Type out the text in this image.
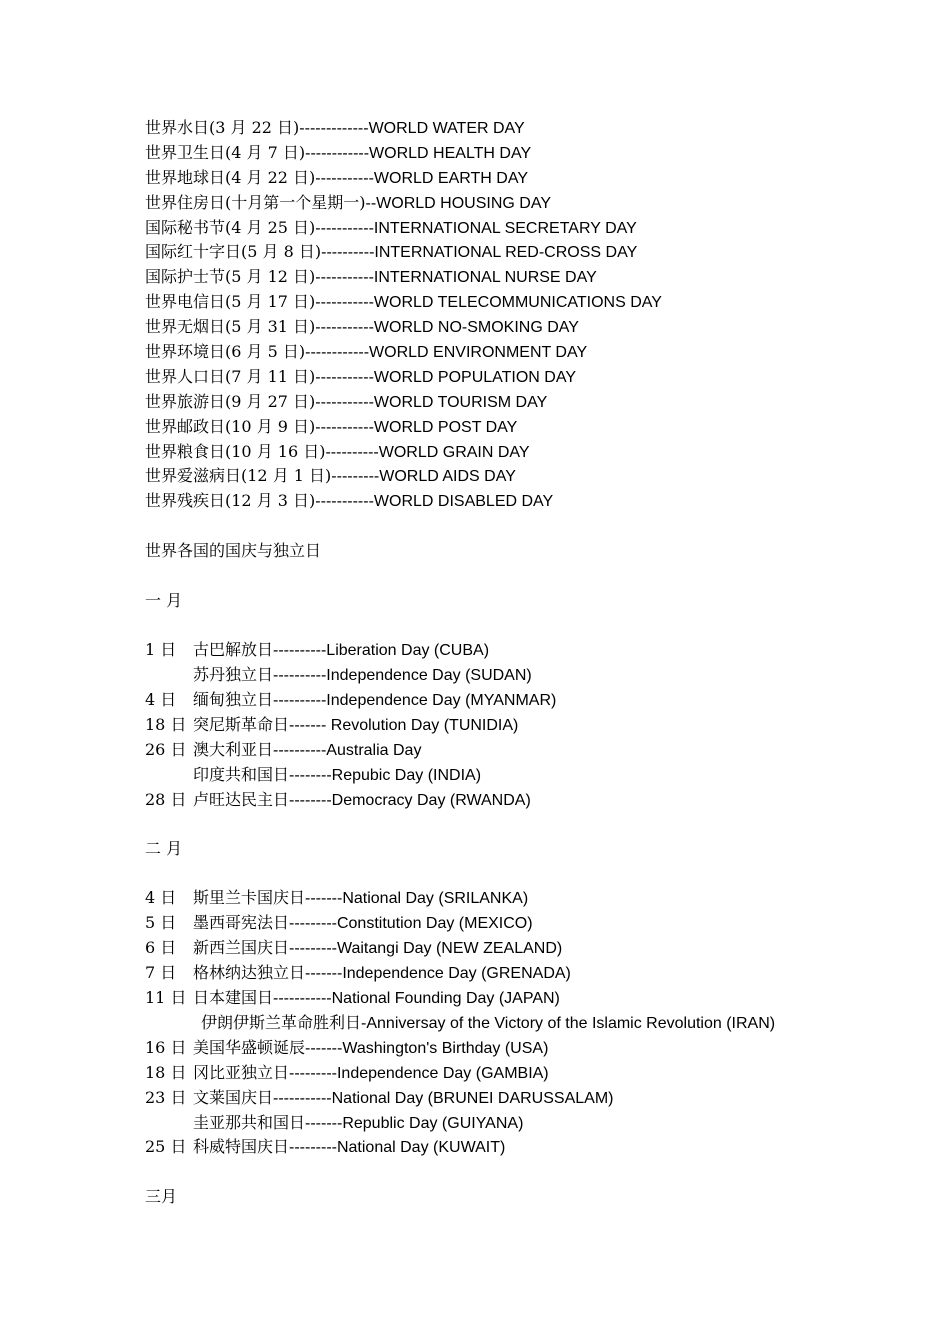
世界水日(3 月 22 日)-------------WORLD WATER DAY
世界卫生日(4 月 7 日)------------WORLD HEALTH DAY
世界地球日(4 月 22 日)-----------WORLD EARTH DAY
世界住房日(十月第一个星期一)--WORLD HOUSING DAY
国际秘书节(4 月 25 日)-----------INTERNATIONAL SECRETARY DAY
国际红十字日(5 月 8 日)----------INTERNATIONAL RED-CROSS DAY
国际护士节(5 月 12 日)-----------INTERNATIONAL NURSE DAY
世界电信日(5 月 17 日)-----------WORLD TELECOMMUNICATIONS DAY
世界无烟日(5 月 31 日)-----------WORLD NO-SMOKING DAY
世界环境日(6 月 5 日)------------WORLD ENVIRONMENT DAY
世界人口日(7 月 11 日)-----------WORLD POPULATION DAY
世界旅游日(9 月 27 日)-----------WORLD TOURISM DAY
世界邮政日(10 月 9 日)-----------WORLD POST DAY
世界粮食日(10 月 16 日)----------WORLD GRAIN DAY
世界爱滋病日(12 月 1 日)---------WORLD AIDS DAY
世界残疾日(12 月 3 日)-----------WORLD DISABLED DAY
世界各国的国庆与独立日
一 月
1 日 古巴解放日----------Liberation Day (CUBA)
苏丹独立日----------Independence Day (SUDAN)
4 日 缅甸独立日----------Independence Day (MYANMAR)
18 日 突尼斯革命日------- Revolution Day (TUNIDIA)
26 日 澳大利亚日----------Australia Day
印度共和国日--------Repubic Day (INDIA)
28 日 卢旺达民主日--------Democracy Day (RWANDA)
二 月
4 日 斯里兰卡国庆日-------National Day (SRILANKA)
5 日 墨西哥宪法日---------Constitution Day (MEXICO)
6 日 新西兰国庆日---------Waitangi Day (NEW ZEALAND)
7 日 格林纳达独立日-------Independence Day (GRENADA)
11 日 日本建国日-----------National Founding Day (JAPAN)
伊朗伊斯兰革命胜利日-Anniversay of the Victory of the Islamic Revolution (IRAN)
16 日 美国华盛顿诞辰-------Washington's Birthday (USA)
18 日 冈比亚独立日---------Independence Day (GAMBIA)
23 日 文莱国庆日-----------National Day (BRUNEI DARUSSALAM)
圭亚那共和国日-------Republic Day (GUIYANA)
25 日 科威特国庆日---------National Day (KUWAIT)
三月
